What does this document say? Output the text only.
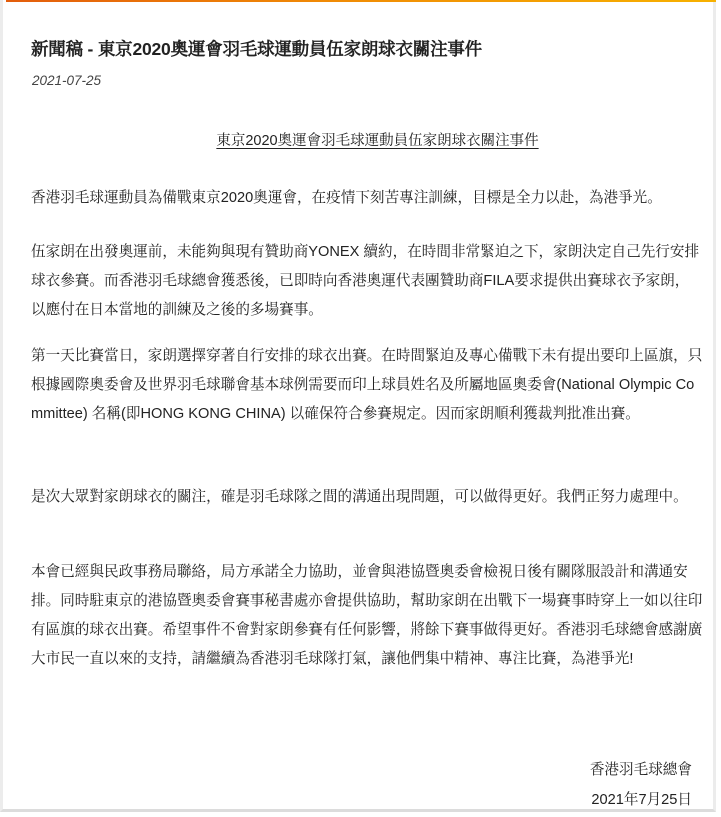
新聞稿 - 東京2020奧運會羽毛球運動員伍家朗球衣關注事件
2021-07-25
東京2020奧運會羽毛球運動員伍家朗球衣關注事件

香港羽毛球運動員為備戰東京2020奧運會，在疫情下刻苦專注訓練，目標是全力以赴，為港爭光。

伍家朗在出發奧運前，未能夠與現有贊助商YONEX 續約，在時間非常緊迫之下，家朗決定自己先行安排球衣參賽。而香港羽毛球總會獲悉後，已即時向香港奧運代表團贊助商FILA要求提供出賽球衣予家朗，以應付在日本當地的訓練及之後的多場賽事。

第一天比賽當日，家朗選擇穿著自行安排的球衣出賽。在時間緊迫及專心備戰下未有提出要印上區旗，只根據國際奧委會及世界羽毛球聯會基本球例需要而印上球員姓名及所屬地區奧委會(National Olympic Committee) 名稱(即HONG KONG CHINA) 以確保符合參賽規定。因而家朗順利獲裁判批准出賽。

是次大眾對家朗球衣的關注，確是羽毛球隊之間的溝通出現問題，可以做得更好。我們正努力處理中。

本會已經與民政事務局聯絡，局方承諾全力協助，並會與港協暨奧委會檢視日後有關隊服設計和溝通安排。同時駐東京的港協暨奧委會賽事秘書處亦會提供協助，幫助家朗在出戰下一場賽事時穿上一如以往印有區旗的球衣出賽。希望事件不會對家朗參賽有任何影響，將餘下賽事做得更好。香港羽毛球總會感謝廣大市民一直以來的支持，請繼續為香港羽毛球隊打氣，讓他們集中精神、專注比賽，為港爭光!

香港羽毛球總會
2021年7月25日
